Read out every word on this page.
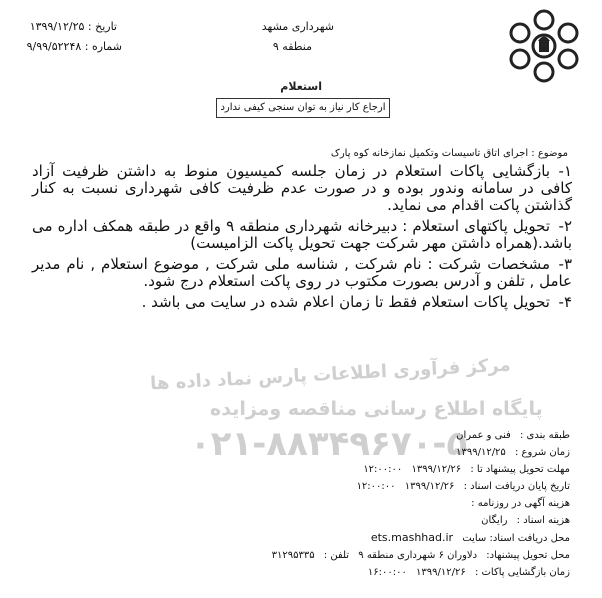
مرکز فرآوری اطلاعات پارس نماد داده ها
پایگاه اطلاع رسانی مناقصه ومزایده
۰۲۱-۸۸۳۴۹۶۷۰-۵
شهرداری مشهد
منطقه ۹
تاریخ : ۱۳۹۹/۱۲/۲۵
شماره : ۹/۹۹/۵۲۲۴۸
استعلام
ارجاع کار نیاز به توان سنجی کیفی ندارد
موضوع : اجرای اتاق تاسیسات وتکمیل نمازخانه کوه پارک
۱-بازگشایی پاکات استعلام در زمان جلسه کمیسیون منوط به داشتن ظرفیت آزاد کافی در سامانه وندور بوده و در صورت عدم ظرفیت کافی شهرداری نسبت به کنار گذاشتن پاکت اقدام می نماید.
۲-تحویل پاکتهای استعلام : دبیرخانه شهرداری منطقه ۹ واقع در طبقه همکف اداره می باشد.(همراه داشتن مهر شرکت جهت تحویل پاکت الزامیست)
۳-مشخصات شرکت : نام شرکت , شناسه ملی شرکت , موضوع استعلام , نام مدیر عامل , تلفن و آدرس بصورت مکتوب در روی پاکت استعلام درج شود.
۴-تحویل پاکات استعلام فقط تا زمان اعلام شده در سایت می باشد .
طبقه بندی : فنی و عمران
زمان شروع : ۱۳۹۹/۱۲/۲۵
مهلت تحویل پیشنهاد تا : ۱۳۹۹/۱۲/۲۶ ۱۲:۰۰:۰۰
تاریخ پایان دریافت اسناد : ۱۳۹۹/۱۲/۲۶ ۱۲:۰۰:۰۰
هزینه آگهی در روزنامه :
هزینه اسناد : رایگان
محل دریافت اسناد: سایت ets.mashhad.ir
محل تحویل پیشنهاد: دلاوران ۶ شهرداری منطقه ۹ تلفن : ۳۱۲۹۵۳۳۵
زمان بازگشایی پاکات : ۱۳۹۹/۱۲/۲۶ ۱۶:۰۰:۰۰
